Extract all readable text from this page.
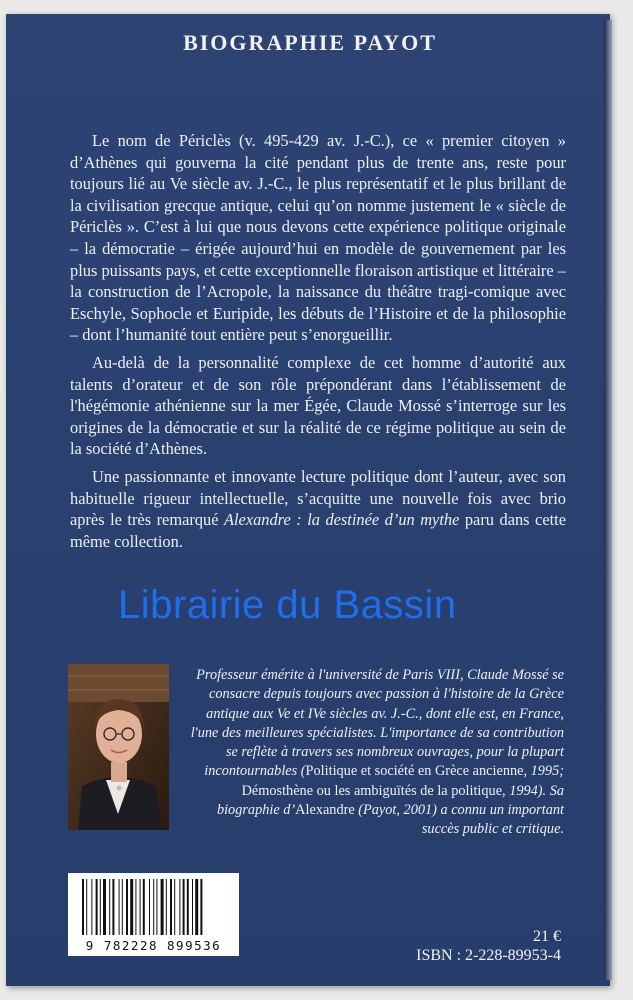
BIOGRAPHIE PAYOT

Le nom de Périclès (v. 495-429 av. J.-C.), ce « premier citoyen » d’Athènes qui gouverna la cité pendant plus de trente ans, reste pour toujours lié au Ve siècle av. J.-C., le plus représentatif et le plus brillant de la civilisation grecque antique, celui qu’on nomme justement le « siècle de Périclès ». C’est à lui que nous devons cette expérience politique originale – la démocratie – érigée aujourd’hui en modèle de gouvernement par les plus puissants pays, et cette exceptionnelle floraison artistique et littéraire – la construction de l’Acropole, la naissance du théâtre tragi-comique avec Eschyle, Sophocle et Euripide, les débuts de l’Histoire et de la philosophie – dont l’humanité tout entière peut s’enorgueillir.

Au-delà de la personnalité complexe de cet homme d’autorité aux talents d’orateur et de son rôle prépondérant dans l’établissement de l'hégémonie athénienne sur la mer Égée, Claude Mossé s’interroge sur les origines de la démocratie et sur la réalité de ce régime politique au sein de la société d’Athènes.

Une passionnante et innovante lecture politique dont l’auteur, avec son habituelle rigueur intellectuelle, s’acquitte une nouvelle fois avec brio après le très remarqué Alexandre : la destinée d’un mythe paru dans cette même collection.

Librairie du Bassin
Professeur émérite à l'université de Paris VIII, Claude Mossé se consacre depuis toujours avec passion à l'histoire de la Grèce antique aux Ve et IVe siècles av. J.-C., dont elle est, en France, l'une des meilleures spécialistes. L'importance de sa contribution se reflète à travers ses nombreux ouvrages, pour la plupart incontournables (Politique et société en Grèce ancienne, 1995; Démosthène ou les ambiguïtés de la politique, 1994). Sa biographie d’Alexandre (Payot, 2001) a connu un important succès public et critique.
9 782228 899536
21 €
ISBN : 2-228-89953-4
